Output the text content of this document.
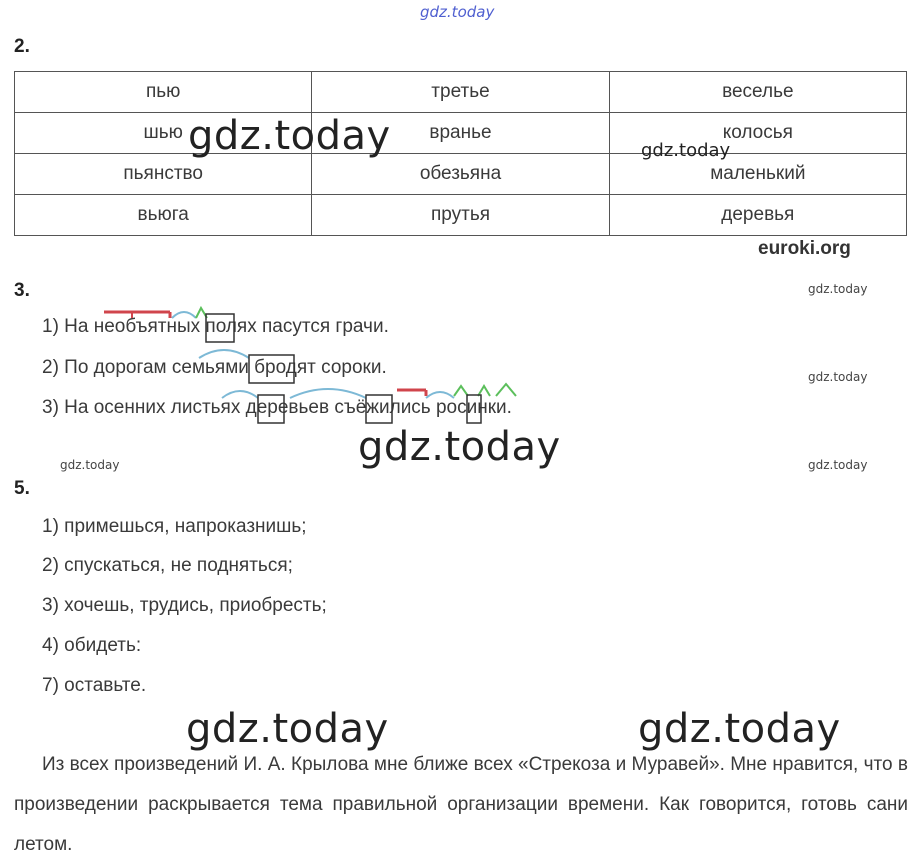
gdz.today
2.
пью	третье	веселье
шью	вранье	колосья
пьянство	обезьяна	маленький
вьюга	прутья	деревья
gdz.today	gdz.today
euroki.org
3.	gdz.today
gdz.today
1) На необъятных полях пасутся грачи.
2) По дорогам семьями бродят сороки.
3) На осенних листьях деревьев съёжились росинки.
gdz.today
gdz.today	gdz.today
5.
1) примешься, напроказнишь;
2) спускаться, не подняться;
3) хочешь, трудись, приобресть;
4) обидеть:
7) оставьте.
gdz.today	gdz.today
Из всех произведений И. А. Крылова мне ближе всех «Стрекоза и Муравей». Мне нравится, что в произведении раскрывается тема правильной организации времени. Как говорится, готовь сани летом.
